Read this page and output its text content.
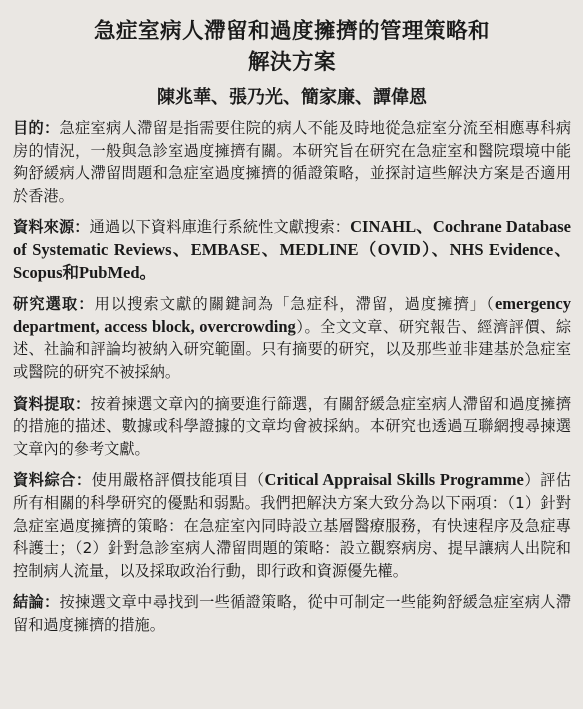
急症室病人滯留和過度擁擠的管理策略和
解決方案
陳兆華、張乃光、簡家廉、譚偉恩

目的：急症室病人滯留是指需要住院的病人不能及時地從急症室分流至相應專科病房的情況，一般與急診室過度擁擠有關。本研究旨在研究在急症室和醫院環境中能夠舒緩病人滯留問題和急症室過度擁擠的循證策略，並探討這些解決方案是否適用於香港。

資料來源：通過以下資料庫進行系統性文獻搜索：CINAHL、Cochrane Database of Systematic Reviews、EMBASE、MEDLINE（OVID）、NHS Evidence、Scopus和PubMed。

研究選取：用以搜索文獻的關鍵詞為「急症科，滯留，過度擁擠」（emergency department, access block, overcrowding）。全文文章、研究報告、經濟評價、綜述、社論和評論均被納入研究範圍。只有摘要的研究，以及那些並非建基於急症室或醫院的研究不被採納。

資料提取：按着揀選文章內的摘要進行篩選，有關舒緩急症室病人滯留和過度擁擠的措施的描述、數據或科學證據的文章均會被採納。本研究也透過互聯網搜尋揀選文章內的參考文獻。

資料綜合：使用嚴格評價技能項目（Critical Appraisal Skills Programme）評估所有相關的科學研究的優點和弱點。我們把解決方案大致分為以下兩項：（1）針對急症室過度擁擠的策略：在急症室內同時設立基層醫療服務，有快速程序及急症專科護士；（2）針對急診室病人滯留問題的策略：設立觀察病房、提早讓病人出院和控制病人流量，以及採取政治行動，即行政和資源優先權。

結論：按揀選文章中尋找到一些循證策略，從中可制定一些能夠舒緩急症室病人滯留和過度擁擠的措施。
